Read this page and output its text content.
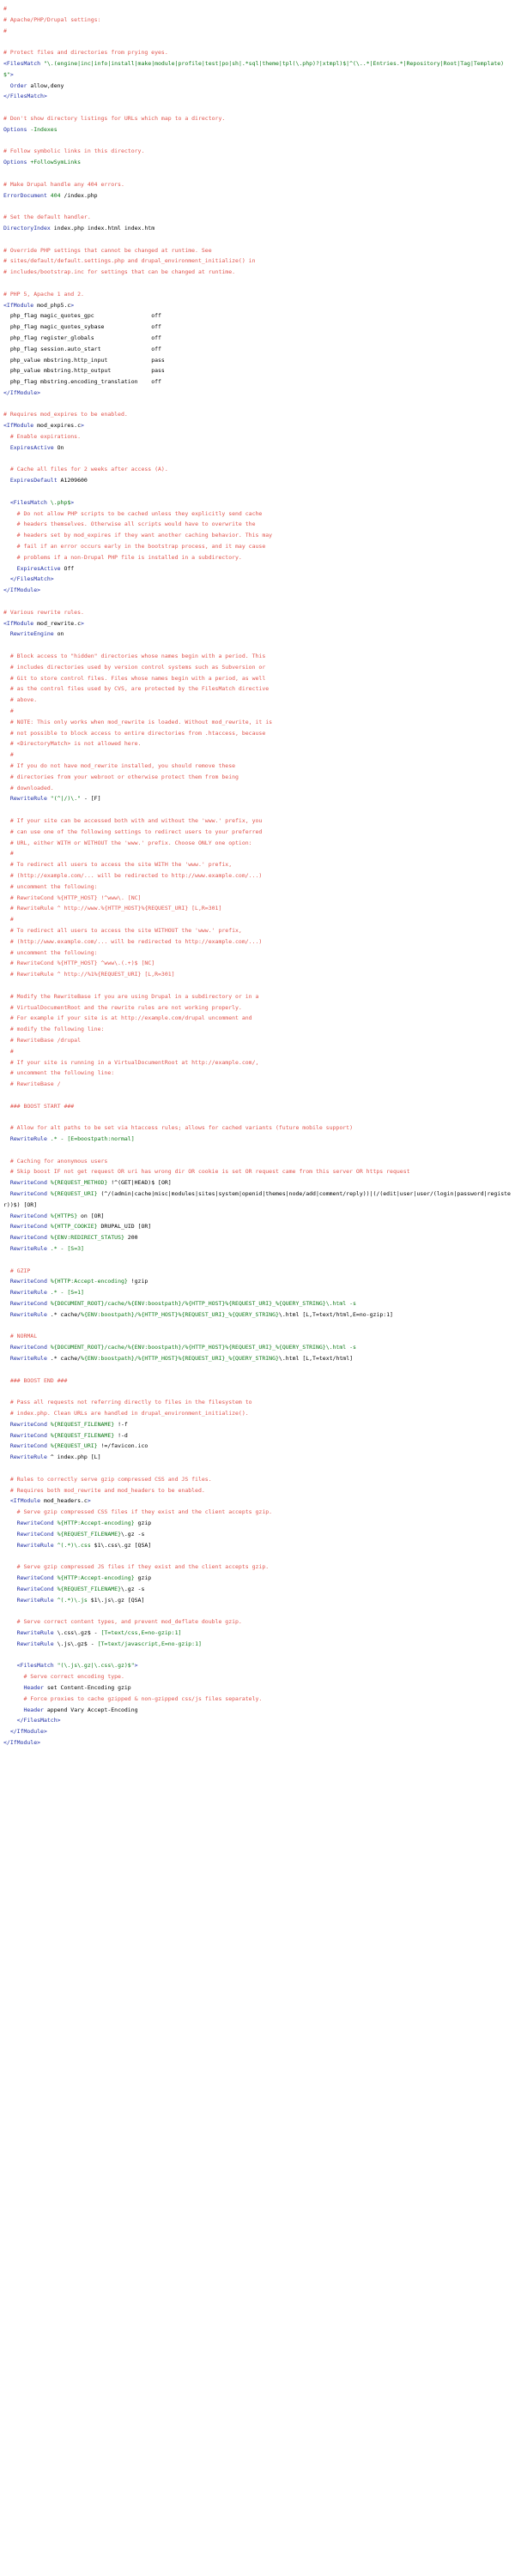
#
# Apache/PHP/Drupal settings:
#
# Protect files and directories from prying eyes.
<FilesMatch "\.(engine|inc|info|install|make|module|profile|test|po|sh|.*sql|theme|tpl(\.php)?|xtmpl)$|^(\..*|Entries.*|Repository|Root|Tag|Template)$">
Order allow,deny
</FilesMatch>
# Don't show directory listings for URLs which map to a directory.
Options -Indexes
# Follow symbolic links in this directory.
Options +FollowSymLinks
# Make Drupal handle any 404 errors.
ErrorDocument 404 /index.php
# Set the default handler.
DirectoryIndex index.php index.html index.htm
# Override PHP settings that cannot be changed at runtime. See
# sites/default/default.settings.php and drupal_environment_initialize() in
# includes/bootstrap.inc for settings that can be changed at runtime.
# PHP 5, Apache 1 and 2.
<IfModule mod_php5.c>
php_flag magic_quotes_gpc                 off
php_flag magic_quotes_sybase              off
php_flag register_globals                 off
php_flag session.auto_start               off
php_value mbstring.http_input             pass
php_value mbstring.http_output            pass
php_flag mbstring.encoding_translation    off
</IfModule>
# Requires mod_expires to be enabled.
<IfModule mod_expires.c>
# Enable expirations.
ExpiresActive On
# Cache all files for 2 weeks after access (A).
ExpiresDefault A1209600
<FilesMatch \.php$>
# Do not allow PHP scripts to be cached unless they explicitly send cache
# headers themselves. Otherwise all scripts would have to overwrite the
# headers set by mod_expires if they want another caching behavior. This may
# fail if an error occurs early in the bootstrap process, and it may cause
# problems if a non-Drupal PHP file is installed in a subdirectory.
ExpiresActive Off
</FilesMatch>
</IfModule>
# Various rewrite rules.
<IfModule mod_rewrite.c>
RewriteEngine on
# Block access to "hidden" directories whose names begin with a period. This
# includes directories used by version control systems such as Subversion or
# Git to store control files. Files whose names begin with a period, as well
# as the control files used by CVS, are protected by the FilesMatch directive
# above.
#
# NOTE: This only works when mod_rewrite is loaded. Without mod_rewrite, it is
# not possible to block access to entire directories from .htaccess, because
# <DirectoryMatch> is not allowed here.
#
# If you do not have mod_rewrite installed, you should remove these
# directories from your webroot or otherwise protect them from being
# downloaded.
RewriteRule "(^|/)\." - [F]
# If your site can be accessed both with and without the 'www.' prefix, you
# can use one of the following settings to redirect users to your preferred
# URL, either WITH or WITHOUT the 'www.' prefix. Choose ONLY one option:
#
# To redirect all users to access the site WITH the 'www.' prefix,
# (http://example.com/... will be redirected to http://www.example.com/...)
# uncomment the following:
# RewriteCond %{HTTP_HOST} !^www\. [NC]
# RewriteRule ^ http://www.%{HTTP_HOST}%{REQUEST_URI} [L,R=301]
#
# To redirect all users to access the site WITHOUT the 'www.' prefix,
# (http://www.example.com/... will be redirected to http://example.com/...)
# uncomment the following:
# RewriteCond %{HTTP_HOST} ^www\.(.+)$ [NC]
# RewriteRule ^ http://%1%{REQUEST_URI} [L,R=301]
# Modify the RewriteBase if you are using Drupal in a subdirectory or in a
# VirtualDocumentRoot and the rewrite rules are not working properly.
# For example if your site is at http://example.com/drupal uncomment and
# modify the following line:
# RewriteBase /drupal
#
# If your site is running in a VirtualDocumentRoot at http://example.com/,
# uncomment the following line:
# RewriteBase /
### BOOST START ###
# Allow for alt paths to be set via htaccess rules; allows for cached variants (future mobile support)
RewriteRule .* - [E=boostpath:normal]
# Caching for anonymous users
# Skip boost IF not get request OR uri has wrong dir OR cookie is set OR request came from this server OR https request
RewriteCond %{REQUEST_METHOD} !^(GET|HEAD)$ [OR]
RewriteCond %{REQUEST_URI} (^/(admin|cache|misc|modules|sites|system|openid|themes|node/add|comment/reply))|(/(edit|user|user/(login|password|register))$) [OR]
RewriteCond %{HTTPS} on [OR]
RewriteCond %{HTTP_COOKIE} DRUPAL_UID [OR]
RewriteCond %{ENV:REDIRECT_STATUS} 200
RewriteRule .* - [S=3]
# GZIP
RewriteCond %{HTTP:Accept-encoding} !gzip
RewriteRule .* - [S=1]
RewriteCond %{DOCUMENT_ROOT}/cache/%{ENV:boostpath}/%{HTTP_HOST}%{REQUEST_URI}_%{QUERY_STRING}\.html -s
RewriteRule .* cache/%{ENV:boostpath}/%{HTTP_HOST}%{REQUEST_URI}_%{QUERY_STRING}\.html [L,T=text/html,E=no-gzip:1]
# NORMAL
RewriteCond %{DOCUMENT_ROOT}/cache/%{ENV:boostpath}/%{HTTP_HOST}%{REQUEST_URI}_%{QUERY_STRING}\.html -s
RewriteRule .* cache/%{ENV:boostpath}/%{HTTP_HOST}%{REQUEST_URI}_%{QUERY_STRING}\.html [L,T=text/html]
### BOOST END ###
# Pass all requests not referring directly to files in the filesystem to
# index.php. Clean URLs are handled in drupal_environment_initialize().
RewriteCond %{REQUEST_FILENAME} !-f
RewriteCond %{REQUEST_FILENAME} !-d
RewriteCond %{REQUEST_URI} !=/favicon.ico
RewriteRule ^ index.php [L]
# Rules to correctly serve gzip compressed CSS and JS files.
# Requires both mod_rewrite and mod_headers to be enabled.
<IfModule mod_headers.c>
# Serve gzip compressed CSS files if they exist and the client accepts gzip.
RewriteCond %{HTTP:Accept-encoding} gzip
RewriteCond %{REQUEST_FILENAME}\.gz -s
RewriteRule ^(.*)\.css $1\.css\.gz [QSA]
# Serve gzip compressed JS files if they exist and the client accepts gzip.
RewriteCond %{HTTP:Accept-encoding} gzip
RewriteCond %{REQUEST_FILENAME}\.gz -s
RewriteRule ^(.*)\.js $1\.js\.gz [QSA]
# Serve correct content types, and prevent mod_deflate double gzip.
RewriteRule \.css\.gz$ - [T=text/css,E=no-gzip:1]
RewriteRule \.js\.gz$ - [T=text/javascript,E=no-gzip:1]
<FilesMatch "(\.js\.gz|\.css\.gz)$">
# Serve correct encoding type.
Header set Content-Encoding gzip
# Force proxies to cache gzipped & non-gzipped css/js files separately.
Header append Vary Accept-Encoding
</FilesMatch>
</IfModule>
</IfModule>
